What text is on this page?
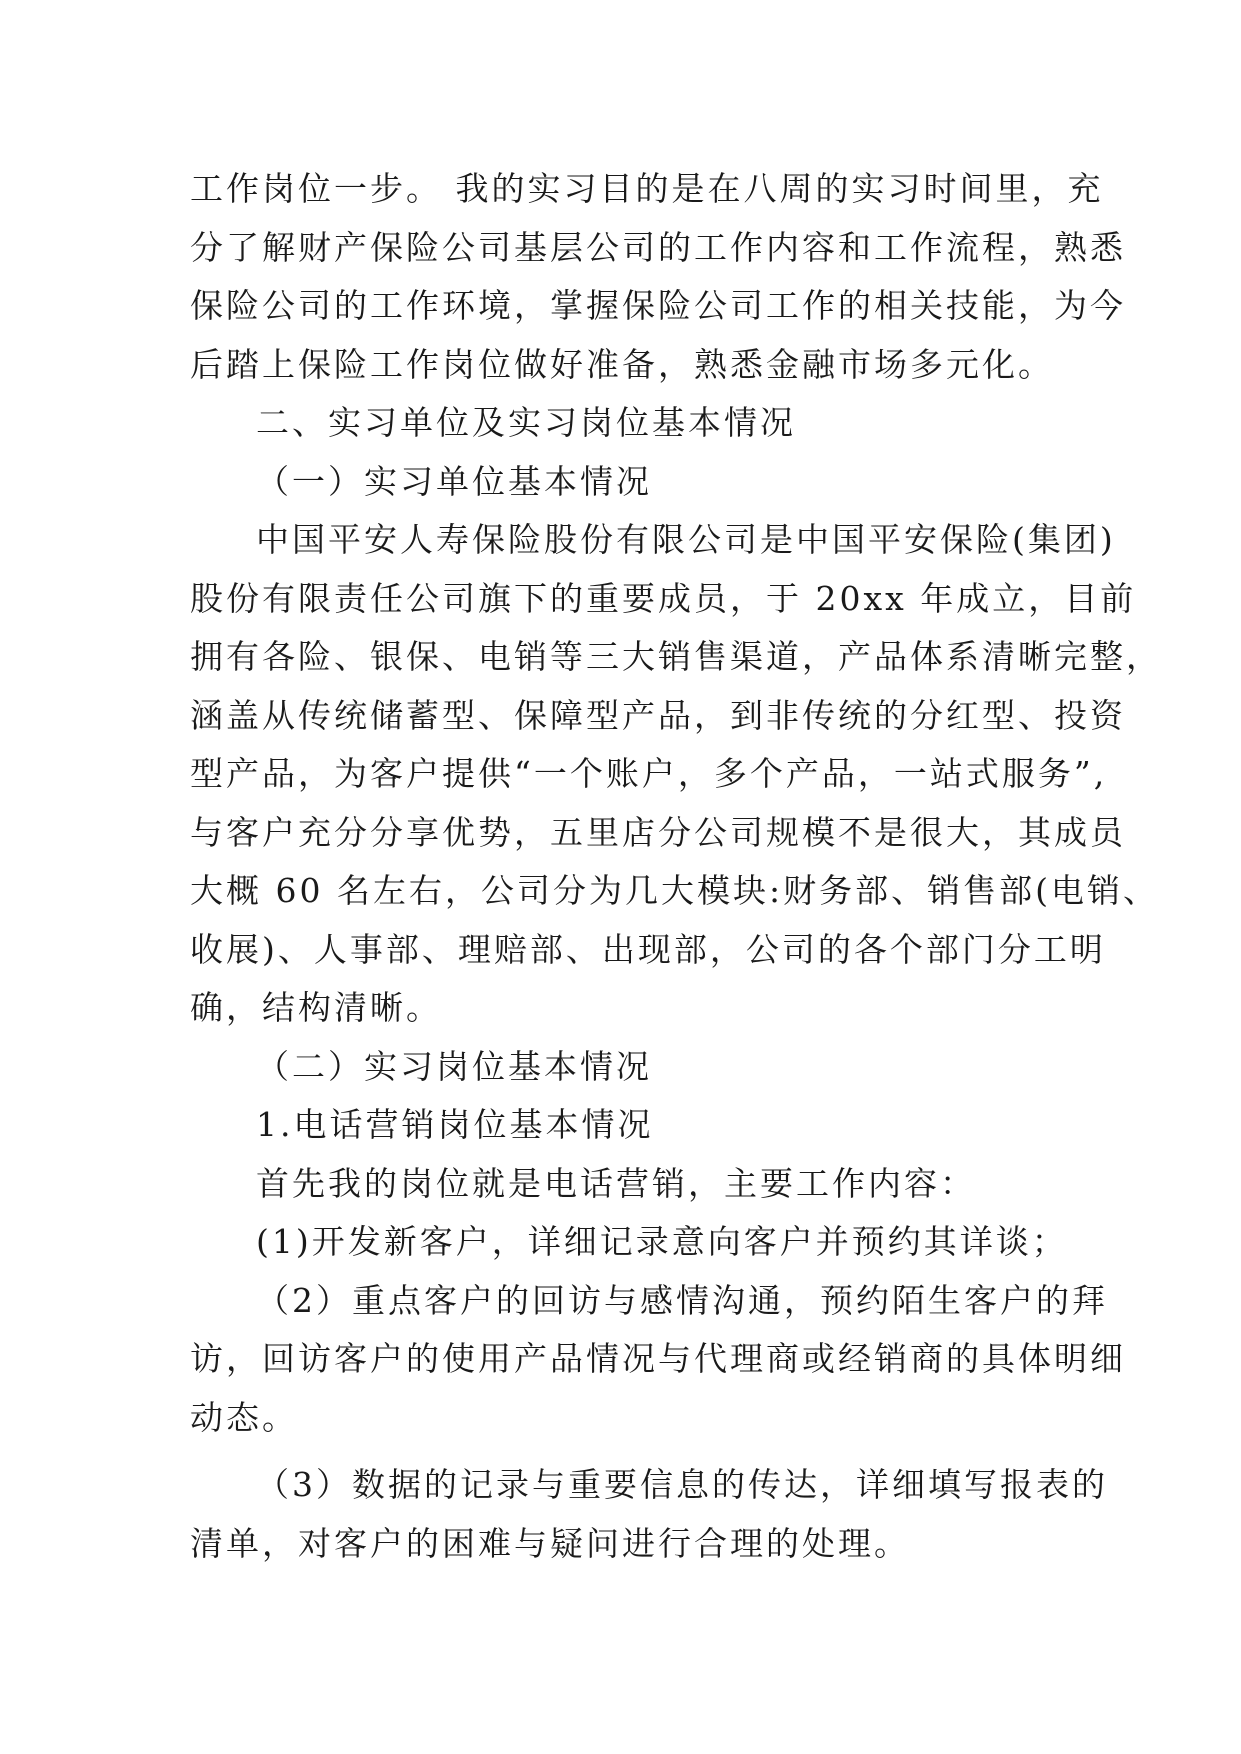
工作岗位一步。 我的实习目的是在八周的实习时间里，充
分了解财产保险公司基层公司的工作内容和工作流程，熟悉
保险公司的工作环境，掌握保险公司工作的相关技能，为今
后踏上保险工作岗位做好准备，熟悉金融市场多元化。
二、实习单位及实习岗位基本情况
（一）实习单位基本情况
中国平安人寿保险股份有限公司是中国平安保险(集团)
股份有限责任公司旗下的重要成员，于 20xx 年成立，目前
拥有各险、银保、电销等三大销售渠道，产品体系清晰完整，
涵盖从传统储蓄型、保障型产品，到非传统的分红型、投资
型产品，为客户提供“一个账户，多个产品，一站式服务”,
与客户充分分享优势，五里店分公司规模不是很大，其成员
大概 60 名左右，公司分为几大模块:财务部、销售部(电销、
收展)、人事部、理赔部、出现部，公司的各个部门分工明
确，结构清晰。
（二）实习岗位基本情况
1.电话营销岗位基本情况
首先我的岗位就是电话营销，主要工作内容：
(1)开发新客户，详细记录意向客户并预约其详谈；
（2）重点客户的回访与感情沟通，预约陌生客户的拜
访，回访客户的使用产品情况与代理商或经销商的具体明细
动态。
（3）数据的记录与重要信息的传达，详细填写报表的
清单，对客户的困难与疑问进行合理的处理。
